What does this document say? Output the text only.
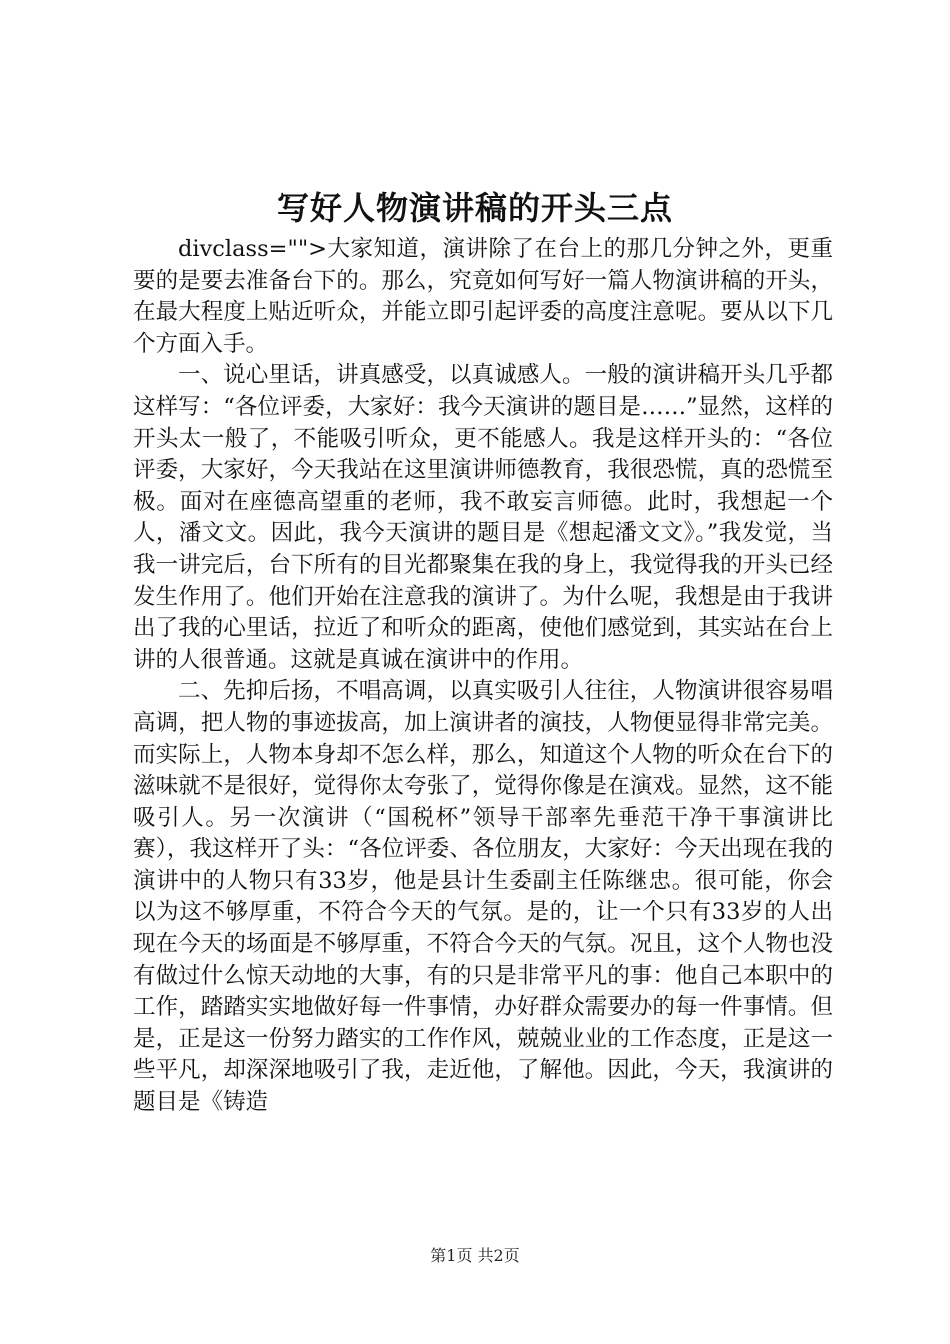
写好人物演讲稿的开头三点

divclass="">大家知道，演讲除了在台上的那几分钟之外，更重要的是要去准备台下的。那么，究竟如何写好一篇人物演讲稿的开头，在最大程度上贴近听众，并能立即引起评委的高度注意呢。要从以下几个方面入手。

一、说心里话，讲真感受，以真诚感人。一般的演讲稿开头几乎都这样写：“各位评委，大家好：我今天演讲的题目是……”显然，这样的开头太一般了，不能吸引听众，更不能感人。我是这样开头的：“各位评委，大家好，今天我站在这里演讲师德教育，我很恐慌，真的恐慌至极。面对在座德高望重的老师，我不敢妄言师德。此时，我想起一个人，潘文文。因此，我今天演讲的题目是《想起潘文文》。”我发觉，当我一讲完后，台下所有的目光都聚集在我的身上，我觉得我的开头已经发生作用了。他们开始在注意我的演讲了。为什么呢，我想是由于我讲出了我的心里话，拉近了和听众的距离，使他们感觉到，其实站在台上讲的人很普通。这就是真诚在演讲中的作用。

二、先抑后扬，不唱高调，以真实吸引人往往，人物演讲很容易唱高调，把人物的事迹拔高，加上演讲者的演技，人物便显得非常完美。而实际上，人物本身却不怎么样，那么，知道这个人物的听众在台下的滋味就不是很好，觉得你太夸张了，觉得你像是在演戏。显然，这不能吸引人。另一次演讲（“国税杯”领导干部率先垂范干净干事演讲比赛），我这样开了头：“各位评委、各位朋友，大家好：今天出现在我的演讲中的人物只有33岁，他是县计生委副主任陈继忠。很可能，你会以为这不够厚重，不符合今天的气氛。是的，让一个只有33岁的人出现在今天的场面是不够厚重，不符合今天的气氛。况且，这个人物也没有做过什么惊天动地的大事，有的只是非常平凡的事：他自己本职中的工作，踏踏实实地做好每一件事情，办好群众需要办的每一件事情。但是，正是这一份努力踏实的工作作风，兢兢业业的工作态度，正是这一些平凡，却深深地吸引了我，走近他，了解他。因此，今天，我演讲的题目是《铸造

第1页 共2页
